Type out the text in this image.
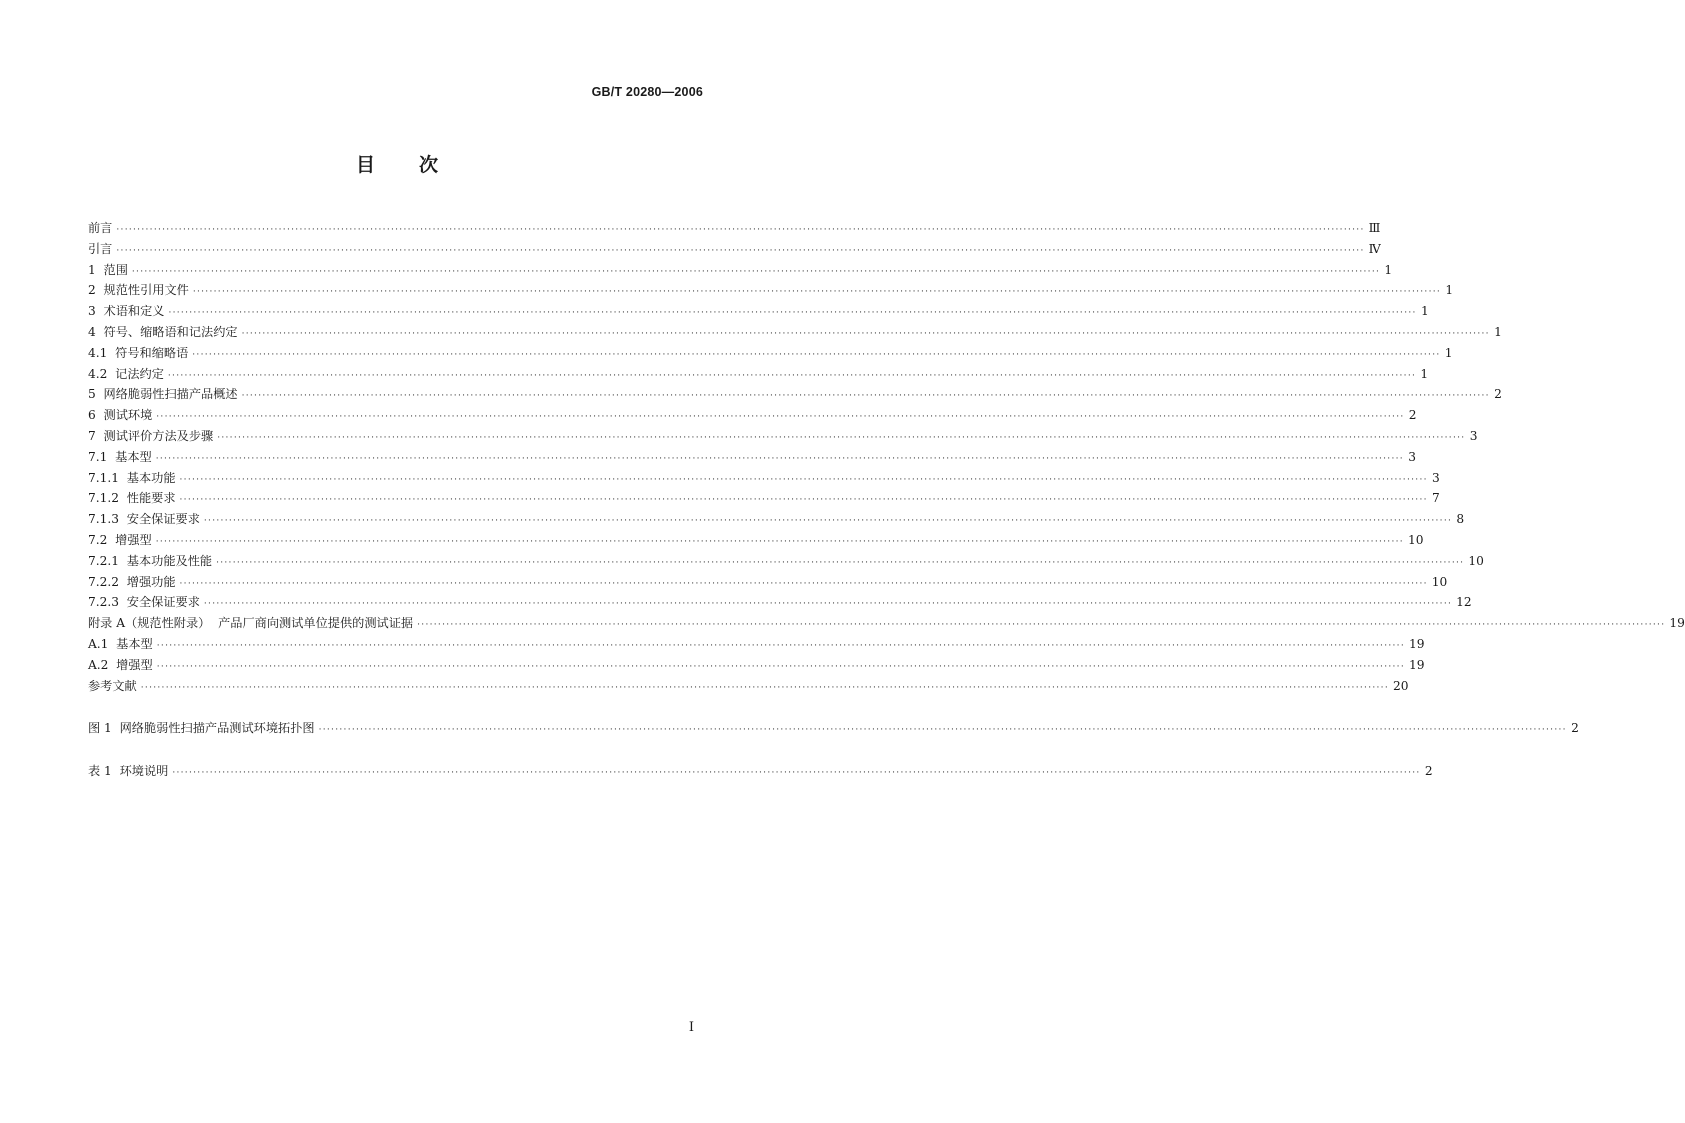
GB/T 20280—2006
目 次
前言 ············································································································································································································································································································ Ⅲ
引言 ············································································································································································································································································································ Ⅳ
1  范围 ············································································································································································································································································································ 1
2  规范性引用文件 ············································································································································································································································································································ 1
3  术语和定义 ············································································································································································································································································································ 1
4  符号、缩略语和记法约定 ············································································································································································································································································································ 1
4.1  符号和缩略语 ············································································································································································································································································································ 1
4.2  记法约定 ············································································································································································································································································································ 1
5  网络脆弱性扫描产品概述 ············································································································································································································································································································ 2
6  测试环境 ············································································································································································································································································································ 2
7  测试评价方法及步骤 ············································································································································································································································································································ 3
7.1  基本型 ············································································································································································································································································································ 3
7.1.1  基本功能 ············································································································································································································································································································ 3
7.1.2  性能要求 ············································································································································································································································································································ 7
7.1.3  安全保证要求 ············································································································································································································································································································ 8
7.2  增强型 ············································································································································································································································································································ 10
7.2.1  基本功能及性能 ············································································································································································································································································································ 10
7.2.2  增强功能 ············································································································································································································································································································ 10
7.2.3  安全保证要求 ············································································································································································································································································································ 12
附录 A（规范性附录）  产品厂商向测试单位提供的测试证据 ············································································································································································································································································································ 19
A.1  基本型 ············································································································································································································································································································ 19
A.2  增强型 ············································································································································································································································································································ 19
参考文献 ············································································································································································································································································································ 20
图 1  网络脆弱性扫描产品测试环境拓扑图 ············································································································································································································································································································ 2
表 1  环境说明 ············································································································································································································································································································ 2
I
